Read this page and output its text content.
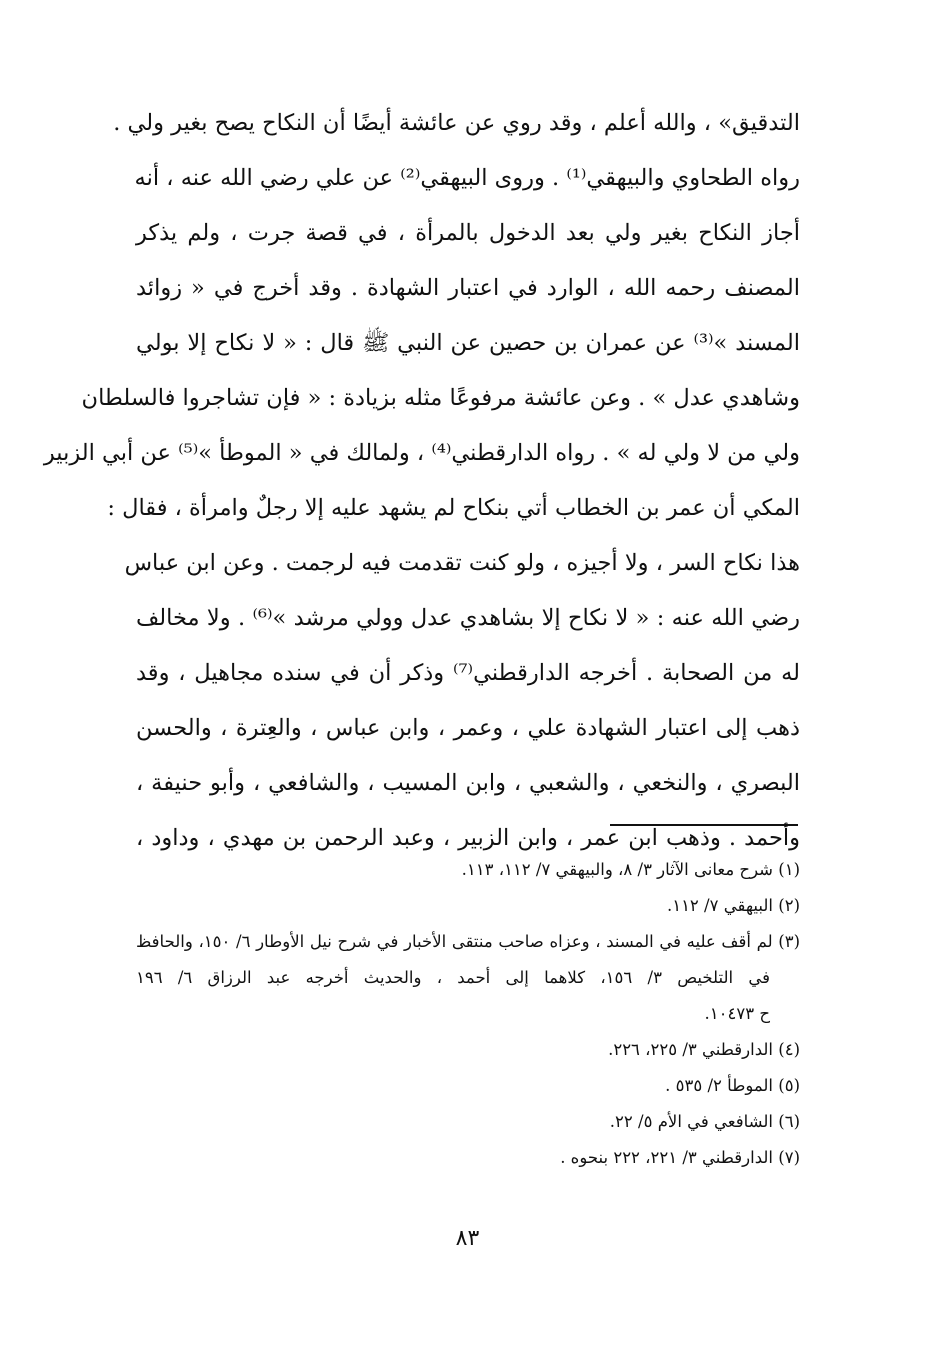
التدقيق» ، والله أعلم ، وقد روي عن عائشة أيضًا أن النكاح يصح بغير ولي .
رواه الطحاوي والبيهقي⁽¹⁾ . وروى البيهقي⁽²⁾ عن علي رضي الله عنه ، أنه
أجاز النكاح بغير ولي بعد الدخول بالمرأة ، في قصة جرت ، ولم يذكر
المصنف رحمه الله ، الوارد في اعتبار الشهادة . وقد أخرج في « زوائد
المسند »⁽³⁾ عن عمران بن حصين عن النبي ﷺ قال : « لا نكاح إلا بولي
وشاهدي عدل » . وعن عائشة مرفوعًا مثله بزيادة : « فإن تشاجروا فالسلطان
ولي من لا ولي له » . رواه الدارقطني⁽⁴⁾ ، ولمالك في « الموطأ »⁽⁵⁾ عن أبي الزبير
المكي أن عمر بن الخطاب أتي بنكاح لم يشهد عليه إلا رجلٌ وامرأة ، فقال :
هذا نكاح السر ، ولا أجيزه ، ولو كنت تقدمت فيه لرجمت . وعن ابن عباس
رضي الله عنه : « لا نكاح إلا بشاهدي عدل وولي مرشد »⁽⁶⁾ . ولا مخالف
له من الصحابة . أخرجه الدارقطني⁽⁷⁾ وذكر أن في سنده مجاهيل ، وقد
ذهب إلى اعتبار الشهادة علي ، وعمر ، وابن عباس ، والعِترة ، والحسن
البصري ، والنخعي ، والشعبي ، وابن المسيب ، والشافعي ، وأبو حنيفة ،
وأحمد . وذهب ابن عمر ، وابن الزبير ، وعبد الرحمن بن مهدي ، وداود ،
(١) شرح معانی الآثار ٣/ ٨، والبيهقي ٧/ ١١٢، ١١٣.
(٢) البيهقي ٧/ ١١٢.
(٣) لم أقف عليه في المسند ، وعزاه صاحب منتقى الأخبار في شرح نيل الأوطار ٦/ ١٥٠، والحافظ
في التلخيص ٣/ ١٥٦، كلاهما إلى أحمد ، والحديث أخرجه عبد الرزاق ٦/ ١٩٦
ح ١٠٤٧٣.
(٤) الدارقطني ٣/ ٢٢٥، ٢٢٦.
(٥) الموطأ ٢/ ٥٣٥ .
(٦) الشافعي في الأم ٥/ ٢٢.
(٧) الدارقطني ٣/ ٢٢١، ٢٢٢ بنحوه .
٨٣
